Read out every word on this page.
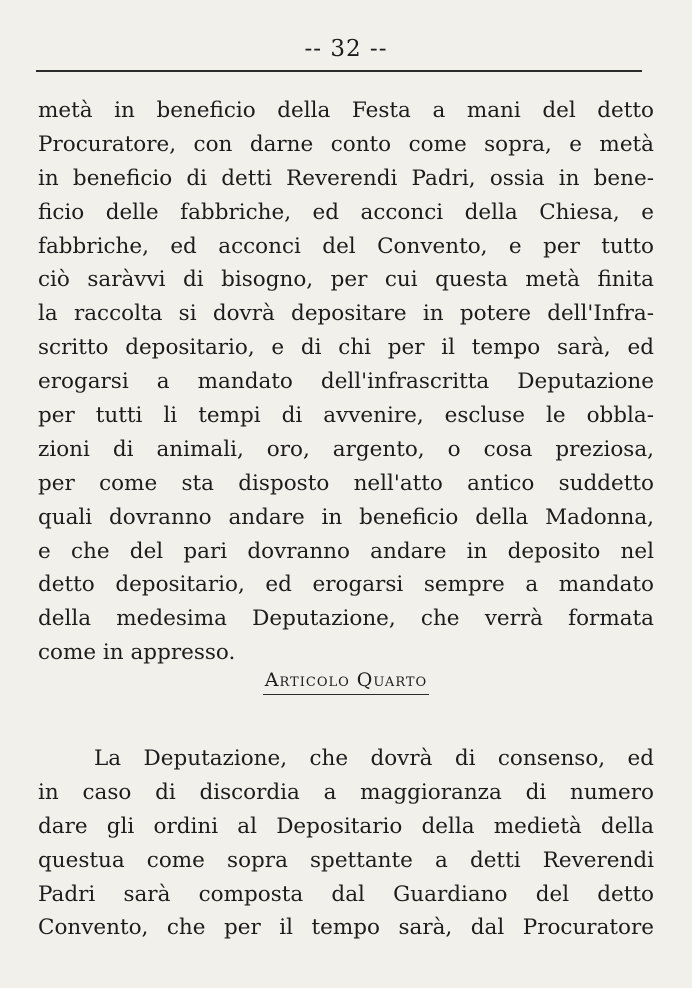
-- 32 --
metà in beneficio della Festa a mani del detto
Procuratore, con darne conto come sopra, e metà
in beneficio di detti Reverendi Padri, ossia in bene-
ficio delle fabbriche, ed acconci della Chiesa, e
fabbriche, ed acconci del Convento, e per tutto
ciò saràvvi di bisogno, per cui questa metà finita
la raccolta si dovrà depositare in potere dell'Infra-
scritto depositario, e di chi per il tempo sarà, ed
erogarsi a mandato dell'infrascritta Deputazione
per tutti li tempi di avvenire, escluse le obbla-
zioni di animali, oro, argento, o cosa preziosa,
per come sta disposto nell'atto antico suddetto
quali dovranno andare in beneficio della Madonna,
e che del pari dovranno andare in deposito nel
detto depositario, ed erogarsi sempre a mandato
della medesima Deputazione, che verrà formata
come in appresso.
Articolo Quarto
La Deputazione, che dovrà di consenso, ed
in caso di discordia a maggioranza di numero
dare gli ordini al Depositario della medietà della
questua come sopra spettante a detti Reverendi
Padri sarà composta dal Guardiano del detto
Convento, che per il tempo sarà, dal Procuratore
